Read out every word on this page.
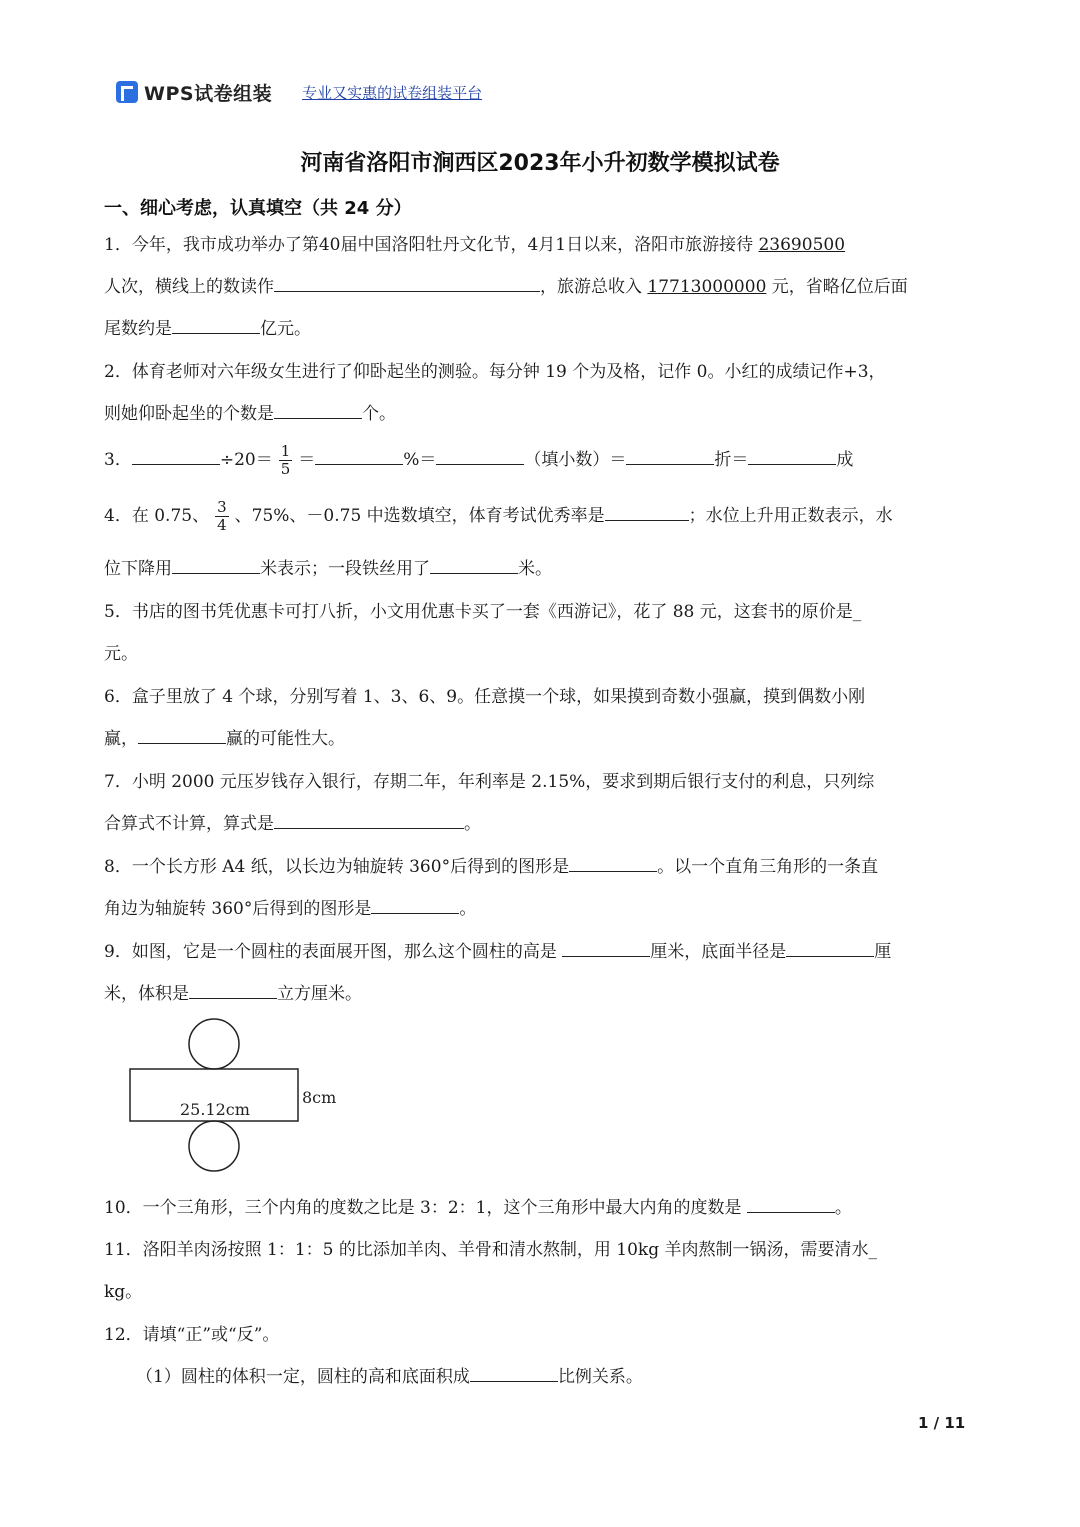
WPS试卷组装 专业又实惠的试卷组装平台
河南省洛阳市涧西区2023年小升初数学模拟试卷
一、细心考虑，认真填空（共 24 分）
1．今年，我市成功举办了第40届中国洛阳牡丹文化节，4月1日以来，洛阳市旅游接待 23690500
人次，横线上的数读作	，旅游总收入 17713000000 元，省略亿位后面
尾数约是	亿元。
2．体育老师对六年级女生进行了仰卧起坐的测验。每分钟 19 个为及格，记作 0。小红的成绩记作+3，
则她仰卧起坐的个数是	个。
3．	$\div 20= \frac{1}{5}$ ＝	%＝	（填小数）＝	折＝	成
4．在 0.75、 $\frac{3}{4}$ 、75%、－0.75 中选数填空，体育考试优秀率是	；水位上升用正数表示，水
位下降用	米表示；一段铁丝用了	米。
5．书店的图书凭优惠卡可打八折，小文用优惠卡买了一套《西游记》，花了 88 元，这套书的原价是_
元。
6．盒子里放了 4 个球，分别写着 1、3、6、9。任意摸一个球，如果摸到奇数小强赢，摸到偶数小刚
赢，	赢的可能性大。
7．小明 2000 元压岁钱存入银行，存期二年，年利率是 2.15%，要求到期后银行支付的利息，只列综
合算式不计算，算式是	。
8．一个长方形 A4 纸，以长边为轴旋转 360°后得到的图形是	。以一个直角三角形的一条直
角边为轴旋转 360°后得到的图形是	。
9．如图，它是一个圆柱的表面展开图，那么这个圆柱的高是	厘米，底面半径是	厘
米，体积是	立方厘米。
25.12cm
8cm
10．一个三角形，三个内角的度数之比是 3：2：1，这个三角形中最大内角的度数是	。
11．洛阳羊肉汤按照 1：1：5 的比添加羊肉、羊骨和清水熬制，用 10kg 羊肉熬制一锅汤，需要清水_
kg。
12．请填“正”或“反”。
（1）圆柱的体积一定，圆柱的高和底面积成	比例关系。
1 / 11
